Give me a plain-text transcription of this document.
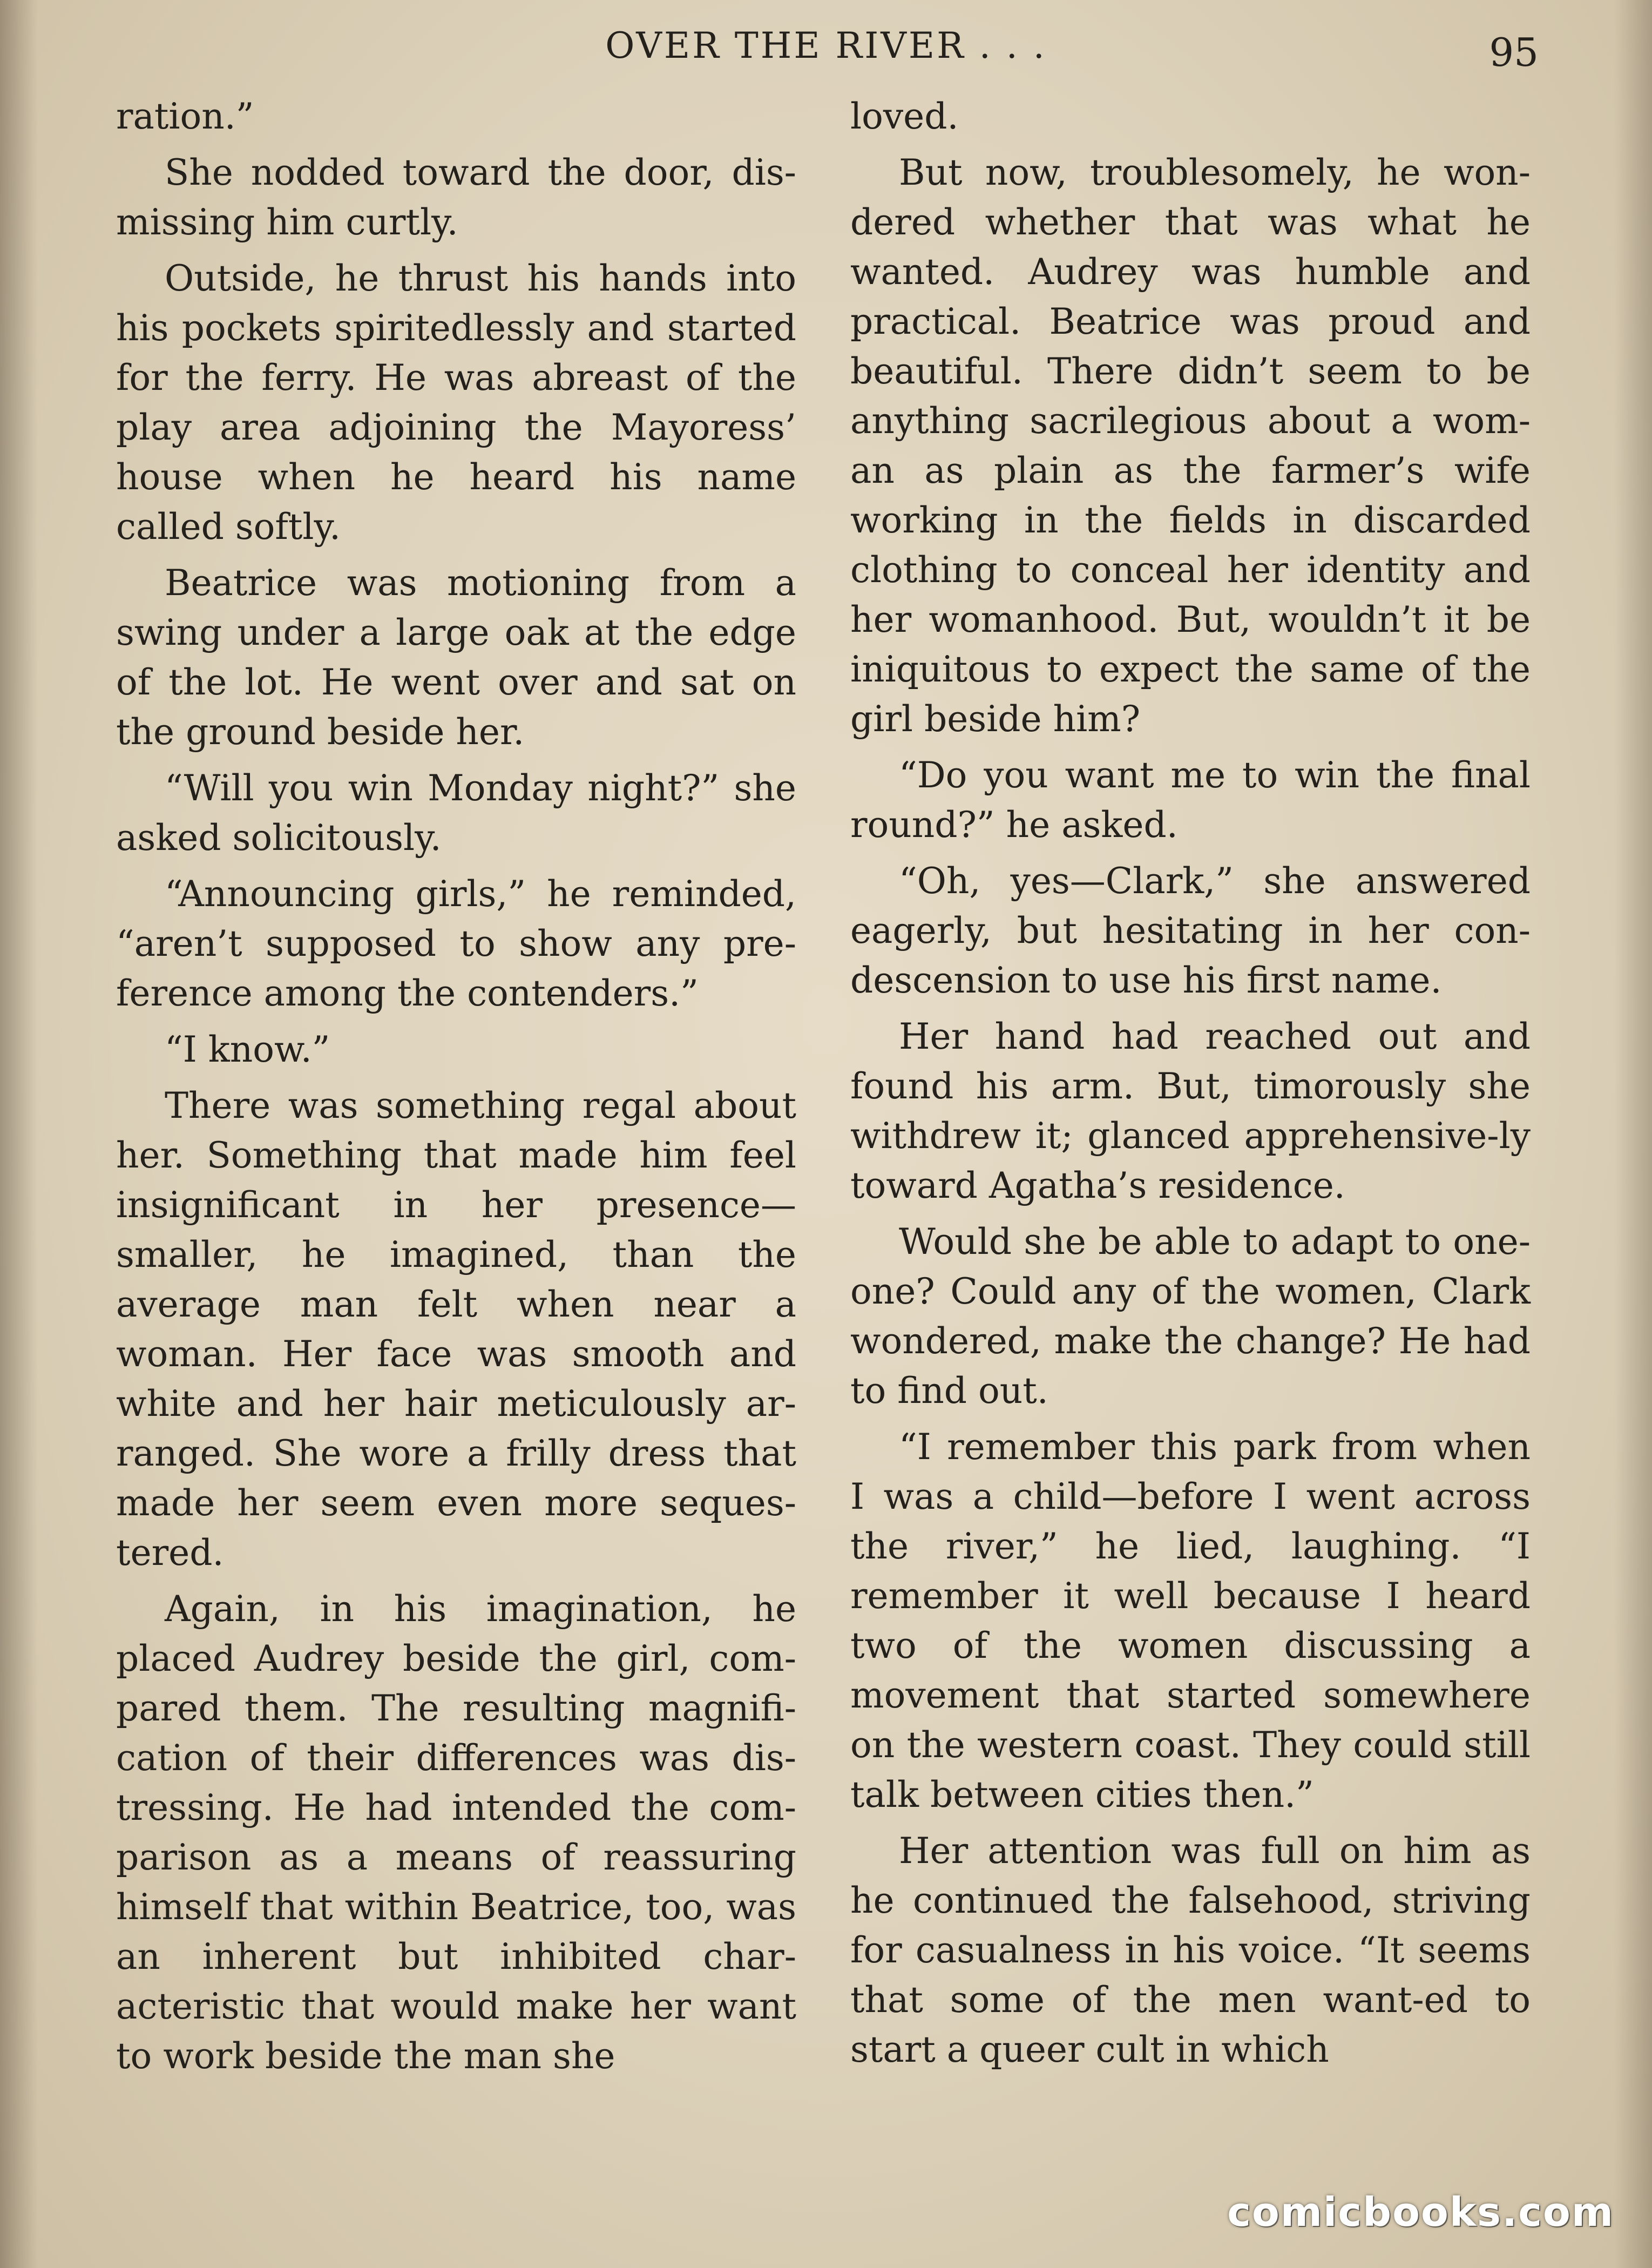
OVER THE RIVER . . .	95

ration.”

She nodded toward the door, dis-missing him curtly.

Outside, he thrust his hands into his pockets spiritedlessly and started for the ferry. He was abreast of the play area adjoining the Mayoress’ house when he heard his name called softly.

Beatrice was motioning from a swing under a large oak at the edge of the lot. He went over and sat on the ground beside her.

“Will you win Monday night?” she asked solicitously.

“Announcing girls,” he reminded, “aren’t supposed to show any pre-ference among the contenders.”

“I know.”

There was something regal about her. Something that made him feel insignificant in her presence—smaller, he imagined, than the average man felt when near a woman. Her face was smooth and white and her hair meticulously ar-ranged. She wore a frilly dress that made her seem even more seques-tered.

Again, in his imagination, he placed Audrey beside the girl, com-pared them. The resulting magnifi-cation of their differences was dis-tressing. He had intended the com-parison as a means of reassuring himself that within Beatrice, too, was an inherent but inhibited char-acteristic that would make her want to work beside the man she

loved.

But now, troublesomely, he won-dered whether that was what he wanted. Audrey was humble and practical. Beatrice was proud and beautiful. There didn’t seem to be anything sacrilegious about a wom-an as plain as the farmer’s wife working in the fields in discarded clothing to conceal her identity and her womanhood. But, wouldn’t it be iniquitous to expect the same of the girl beside him?

“Do you want me to win the final round?” he asked.

“Oh, yes—Clark,” she answered eagerly, but hesitating in her con-descension to use his first name.

Her hand had reached out and found his arm. But, timorously she withdrew it; glanced apprehensive-ly toward Agatha’s residence.

Would she be able to adapt to one-one? Could any of the women, Clark wondered, make the change? He had to find out.

“I remember this park from when I was a child—before I went across the river,” he lied, laughing. “I remember it well because I heard two of the women discussing a movement that started somewhere on the western coast. They could still talk between cities then.”

Her attention was full on him as he continued the falsehood, striving for casualness in his voice. “It seems that some of the men want-ed to start a queer cult in which

comicbooks.com
